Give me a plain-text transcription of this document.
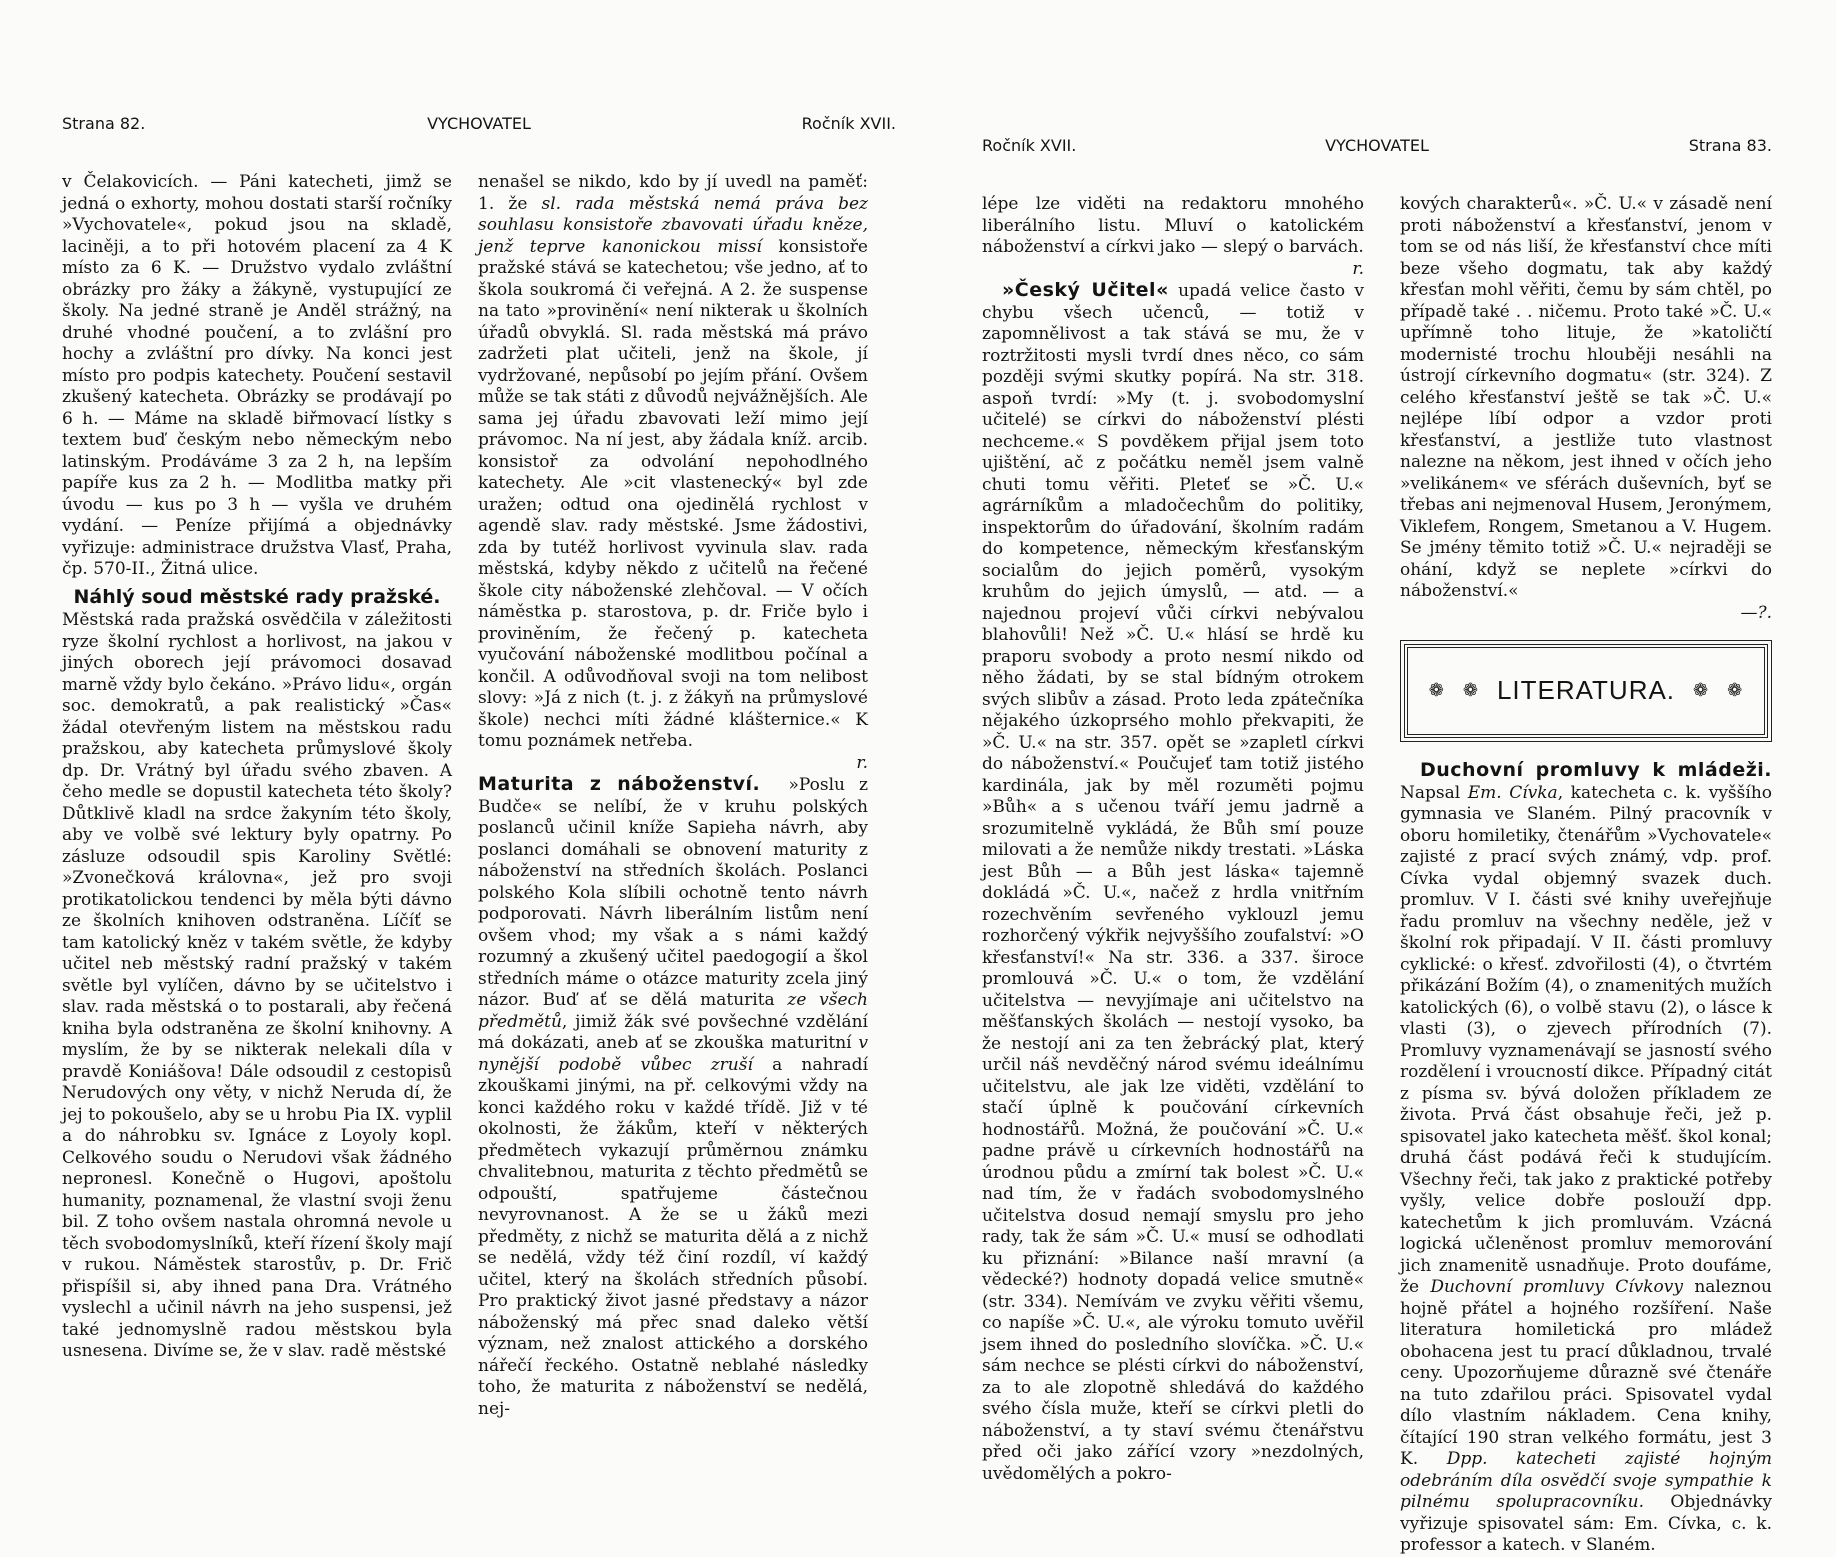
Strana 82.	VYCHOVATEL	Ročník XVII.

v Čelakovicích. — Páni katecheti, jimž se jedná o exhorty, mohou dostati starší ročníky »Vychovatele«, pokud jsou na skladě, laciněji, a to při hotovém placení za 4 K místo za 6 K. — Družstvo vydalo zvláštní obrázky pro žáky a žákyně, vystupující ze školy. Na jedné straně je Anděl strážný, na druhé vhodné poučení, a to zvlášní pro hochy a zvláštní pro dívky. Na konci jest místo pro podpis katechety. Poučení sestavil zkušený katecheta. Obrázky se prodávají po 6 h. — Máme na skladě biřmovací lístky s textem buď českým nebo německým nebo latinským. Prodáváme 3 za 2 h, na lepším papíře kus za 2 h. — Modlitba matky při úvodu — kus po 3 h — vyšla ve druhém vydání. — Peníze přijímá a objednávky vyřizuje: administrace družstva Vlasť, Praha, čp. 570-II., Žitná ulice.

Náhlý soud městské rady pražské.

Městská rada pražská osvědčila v záležitosti ryze školní rychlost a horlivost, na jakou v jiných oborech její právomoci dosavad marně vždy bylo čekáno. »Právo lidu«, orgán soc. demokratů, a pak realistický »Čas« žádal otevřeným listem na městskou radu pražskou, aby katecheta průmyslové školy dp. Dr. Vrátný byl úřadu svého zbaven. A čeho medle se dopustil katecheta této školy? Důtklivě kladl na srdce žakyním této školy, aby ve volbě své lektury byly opatrny. Po zásluze odsoudil spis Karoliny Světlé: »Zvonečková královna«, jež pro svoji protikatolickou tendenci by měla býti dávno ze školních knihoven odstraněna. Líčíť se tam katolický kněz v takém světle, že kdyby učitel neb městský radní pražský v takém světle byl vylíčen, dávno by se učitelstvo i slav. rada městská o to postarali, aby řečená kniha byla odstraněna ze školní knihovny. A myslím, že by se nikterak nelekali díla v pravdě Koniášova! Dále odsoudil z cestopisů Nerudových ony věty, v nichž Neruda dí, že jej to pokoušelo, aby se u hrobu Pia IX. vyplil a do náhrobku sv. Ignáce z Loyoly kopl. Celkového soudu o Nerudovi však žádného nepronesl. Konečně o Hugovi, apoštolu humanity, poznamenal, že vlastní svoji ženu bil. Z toho ovšem nastala ohromná nevole u těch svobodomyslníků, kteří řízení školy mají v rukou. Náměstek starostův, p. Dr. Frič přispíšil si, aby ihned pana Dra. Vrátného vyslechl a učinil návrh na jeho suspensi, jež také jednomyslně radou městskou byla usnesena. Divíme se, že v slav. radě městské

nenašel se nikdo, kdo by jí uvedl na paměť: 1. že sl. rada městská nemá práva bez souhlasu konsistoře zbavovati úřadu kněze, jenž teprve kanonickou missí konsistoře pražské stává se katechetou; vše jedno, ať to škola soukromá či veřejná. A 2. že suspense na tato »provinění« není nikterak u školních úřadů obvyklá. Sl. rada městská má právo zadržeti plat učiteli, jenž na škole, jí vydržované, nepůsobí po jejím přání. Ovšem může se tak státi z důvodů nejvážnějších. Ale sama jej úřadu zbavovati leží mimo její právomoc. Na ní jest, aby žádala kníž. arcib. konsistoř za odvolání nepohodlného katechety. Ale »cit vlastenecký« byl zde uražen; odtud ona ojedinělá rychlost v agendě slav. rady městské. Jsme žádostivi, zda by tutéž horlivost vyvinula slav. rada městská, kdyby někdo z učitelů na řečené škole city náboženské zlehčoval. — V očích náměstka p. starostova, p. dr. Friče bylo i proviněním, že řečený p. katecheta vyučování náboženské modlitbou počínal a končil. A odůvodňoval svoji na tom nelibost slovy: »Já z nich (t. j. z žákyň na průmyslové škole) nechci míti žádné klášternice.« K tomu poznámek netřeba.

r.

Maturita z náboženství. »Poslu z Budče« se nelíbí, že v kruhu polských poslanců učinil kníže Sapieha návrh, aby poslanci domáhali se obnovení maturity z náboženství na středních školách. Poslanci polského Kola slíbili ochotně tento návrh podporovati. Návrh liberálním listům není ovšem vhod; my však a s námi každý rozumný a zkušený učitel paedogogií a škol středních máme o otázce maturity zcela jiný názor. Buď ať se dělá maturita ze všech předmětů, jimiž žák své povšechné vzdělání má dokázati, aneb ať se zkouška maturitní v nynější podobě vůbec zruší a nahradí zkouškami jinými, na př. celkovými vždy na konci každého roku v každé třídě. Již v té okolnosti, že žákům, kteří v některých předmětech vykazují průměrnou známku chvalitebnou, maturita z těchto předmětů se odpouští, spatřujeme částečnou nevyrovnanost. A že se u žáků mezi předměty, z nichž se maturita dělá a z nichž se nedělá, vždy též činí rozdíl, ví každý učitel, který na školách středních působí. Pro praktický život jasné představy a názor náboženský má přec snad daleko větší význam, než znalost attického a dorského nářečí řeckého. Ostatně neblahé následky toho, že maturita z náboženství se nedělá, nej-

Ročník XVII.	VYCHOVATEL	Strana 83.

lépe lze viděti na redaktoru mnohého liberálního listu. Mluví o katolickém náboženství a církvi jako — slepý o barvách.

r.

»Český Učitel« upadá velice často v chybu všech učenců, — totiž v zapomnělivost a tak stává se mu, že v roztržitosti mysli tvrdí dnes něco, co sám později svými skutky popírá. Na str. 318. aspoň tvrdí: »My (t. j. svobodomyslní učitelé) se církvi do náboženství plésti nechceme.« S povděkem přijal jsem toto ujištění, ač z počátku neměl jsem valně chuti tomu věřiti. Pleteť se »Č. U.« agrárníkům a mladočechům do politiky, inspektorům do úřadování, školním radám do kompetence, německým křesťanským socialům do jejich poměrů, vysokým kruhům do jejich úmyslů, — atd. — a najednou projeví vůči církvi nebývalou blahovůli! Než »Č. U.« hlásí se hrdě ku praporu svobody a proto nesmí nikdo od něho žádati, by se stal bídným otrokem svých slibův a zásad. Proto leda zpátečníka nějakého úzkoprsého mohlo překvapiti, že »Č. U.« na str. 357. opět se »zapletl církvi do náboženství.« Poučujeť tam totiž jistého kardinála, jak by měl rozuměti pojmu »Bůh« a s učenou tváří jemu jadrně a srozumitelně vykládá, že Bůh smí pouze milovati a že nemůže nikdy trestati. »Láska jest Bůh — a Bůh jest láska« tajemně dokládá »Č. U.«, načež z hrdla vnitřním rozechvěním sevřeného vyklouzl jemu rozhorčený výkřik nejvyššího zoufalství: »O křesťanství!« Na str. 336. a 337. široce promlouvá »Č. U.« o tom, že vzdělání učitelstva — nevyjímaje ani učitelstvo na měšťanských školách — nestojí vysoko, ba že nestojí ani za ten žebrácký plat, který určil náš nevděčný národ svému ideálnímu učitelstvu, ale jak lze viděti, vzdělání to stačí úplně k poučování církevních hodnostářů. Možná, že poučování »Č. U.« padne právě u církevních hodnostářů na úrodnou půdu a zmírní tak bolest »Č. U.« nad tím, že v řadách svobodomyslného učitelstva dosud nemají smyslu pro jeho rady, tak že sám »Č. U.« musí se odhodlati ku přiznání: »Bilance naší mravní (a vědecké?) hodnoty dopadá velice smutně« (str. 334). Nemívám ve zvyku věřiti všemu, co napíše »Č. U.«, ale výroku tomuto uvěřil jsem ihned do posledního slovíčka. »Č. U.« sám nechce se plésti církvi do náboženství, za to ale zlopotně shledává do každého svého čísla muže, kteří se církvi pletli do náboženství, a ty staví svému čtenářstvu před oči jako zářící vzory »nezdolných, uvědomělých a pokro-

kových charakterů«. »Č. U.« v zásadě není proti náboženství a křesťanství, jenom v tom se od nás liší, že křesťanství chce míti beze všeho dogmatu, tak aby každý křesťan mohl věřiti, čemu by sám chtěl, po případě také . . ničemu. Proto také »Č. U.« upřímně toho lituje, že »katoličtí modernisté trochu hlouběji nesáhli na ústrojí církevního dogmatu« (str. 324). Z celého křesťanství ještě se tak »Č. U.« nejlépe líbí odpor a vzdor proti křesťanství, a jestliže tuto vlastnost nalezne na někom, jest ihned v očích jeho »velikánem« ve sférách duševních, byť se třebas ani nejmenoval Husem, Jeronýmem, Viklefem, Rongem, Smetanou a V. Hugem. Se jmény těmito totiž »Č. U.« nejraději se ohání, když se neplete »církvi do náboženství.«

—?.
❁ ❁ LITERATURA. ❁ ❁

Duchovní promluvy k mládeži. Napsal Em. Cívka, katecheta c. k. vyššího gymnasia ve Slaném. Pilný pracovník v oboru homiletiky, čtenářům »Vychovatele« zajisté z prací svých známý, vdp. prof. Cívka vydal objemný svazek duch. promluv. V I. části své knihy uveřejňuje řadu promluv na všechny neděle, jež v školní rok připadají. V II. části promluvy cyklické: o křesť. zdvořilosti (4), o čtvrtém přikázání Božím (4), o znamenitých mužích katolických (6), o volbě stavu (2), o lásce k vlasti (3), o zjevech přírodních (7). Promluvy vyznamenávají se jasností svého rozdělení i vroucností dikce. Případný citát z písma sv. bývá doložen příkladem ze života. Prvá část obsahuje řeči, jež p. spisovatel jako katecheta měšť. škol konal; druhá část podává řeči k studujícím. Všechny řeči, tak jako z praktické potřeby vyšly, velice dobře poslouží dpp. katechetům k jich promluvám. Vzácná logická učleněnost promluv memorování jich znamenitě usnadňuje. Proto doufáme, že Duchovní promluvy Cívkovy naleznou hojně přátel a hojného rozšíření. Naše literatura homiletická pro mládež obohacena jest tu prací důkladnou, trvalé ceny. Upozorňujeme důrazně své čtenáře na tuto zdařilou práci. Spisovatel vydal dílo vlastním nákladem. Cena knihy, čítající 190 stran velkého formátu, jest 3 K. Dpp. katecheti zajisté hojným odebráním díla osvědčí svoje sympathie k pilnému spolupracovníku. Objednávky vyřizuje spisovatel sám: Em. Cívka, c. k. professor a katech. v Slaném.
